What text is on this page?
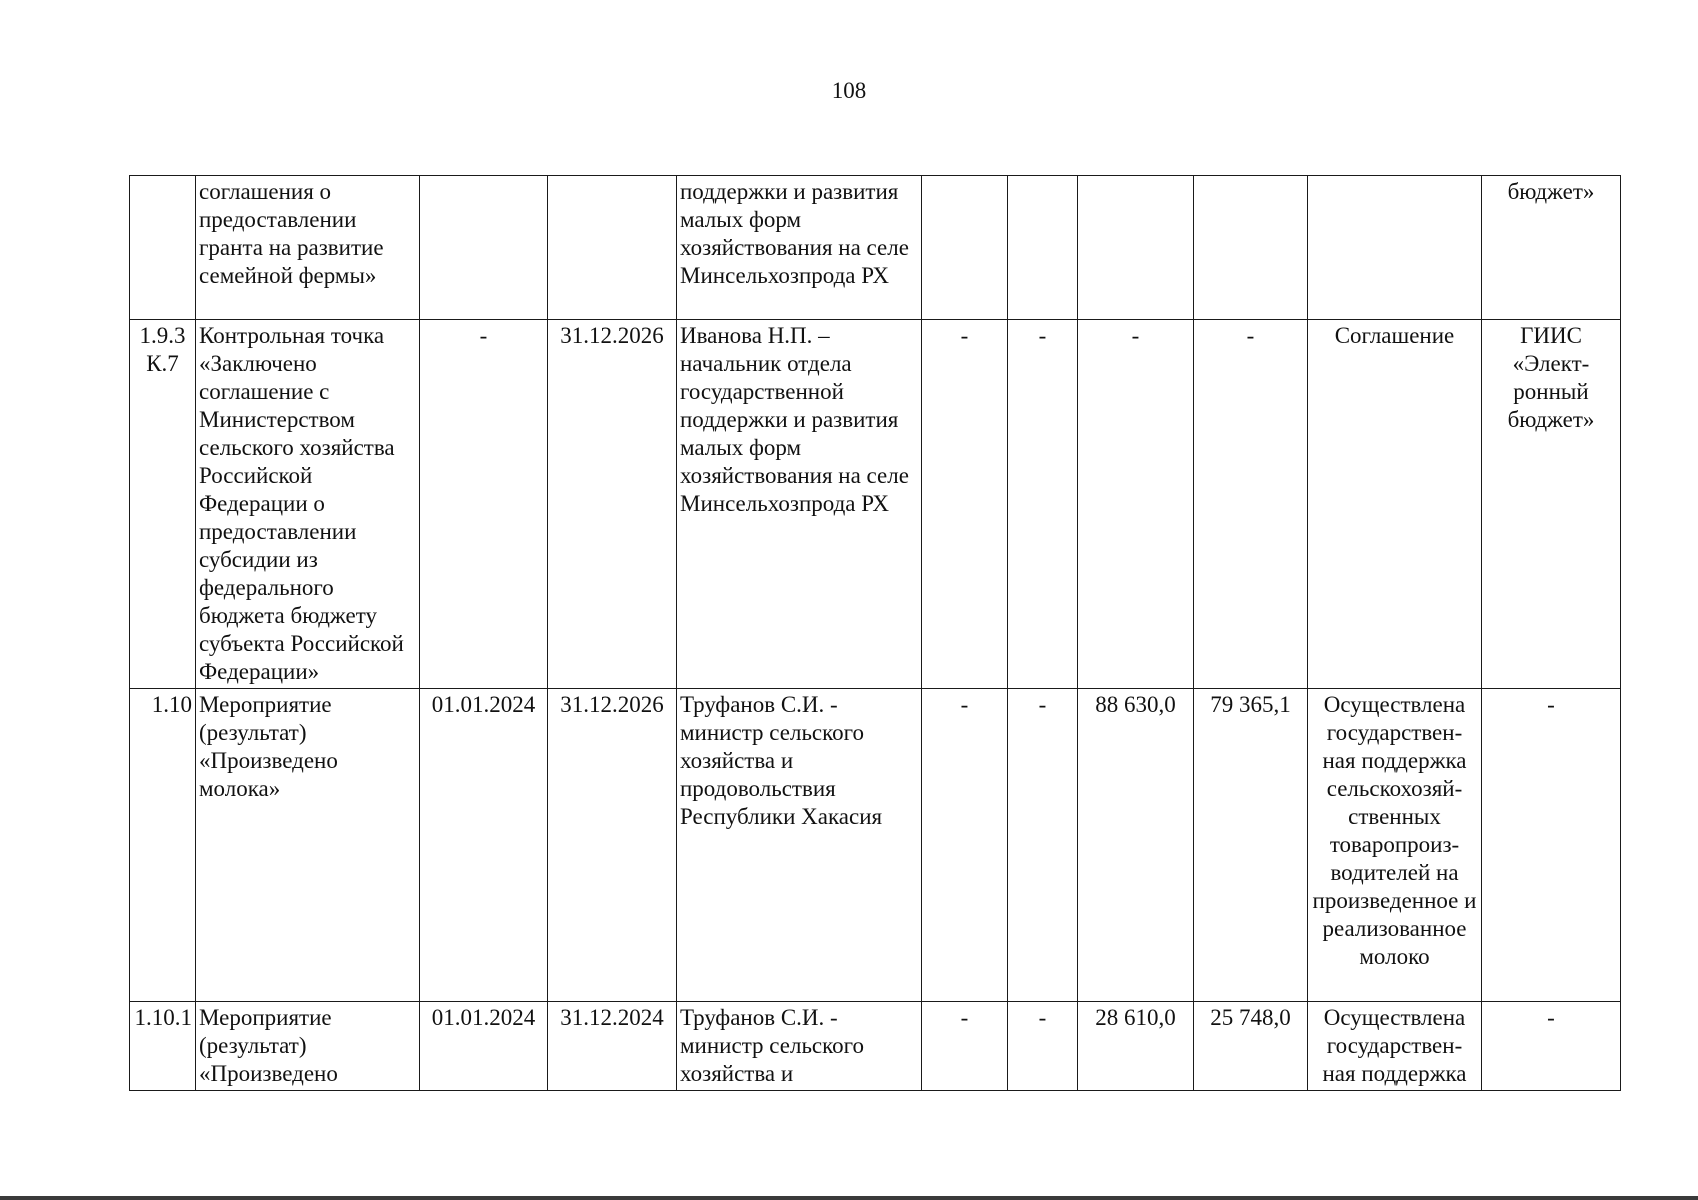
108
	соглашения о предоставлении гранта на развитие семейной фермы»			поддержки и развития малых форм хозяйствования на селе Минсельхозпрода РХ						бюджет»
1.9.3 К.7	Контрольная точка «Заключено соглашение с Министерством сельского хозяйства Российской Федерации о предоставлении субсидии из федерального бюджета бюджету субъекта Российской Федерации»	-	31.12.2026	Иванова Н.П. – начальник отдела государственной поддержки и развития малых форм хозяйствования на селе Минсельхозпрода РХ	-	-	-	-	Соглашение	ГИИС «Элект-ронный бюджет»
1.10	Мероприятие (результат) «Произведено молока»	01.01.2024	31.12.2026	Труфанов С.И. - министр сельского хозяйства и продовольствия Республики Хакасия	-	-	88 630,0	79 365,1	Осуществлена государствен-ная поддержка сельскохозяй-ственных товаропроиз-водителей на произведенное и реализованное молоко	-
1.10.1	Мероприятие (результат) «Произведено	01.01.2024	31.12.2024	Труфанов С.И. - министр сельского хозяйства и	-	-	28 610,0	25 748,0	Осуществлена государствен-ная поддержка	-
